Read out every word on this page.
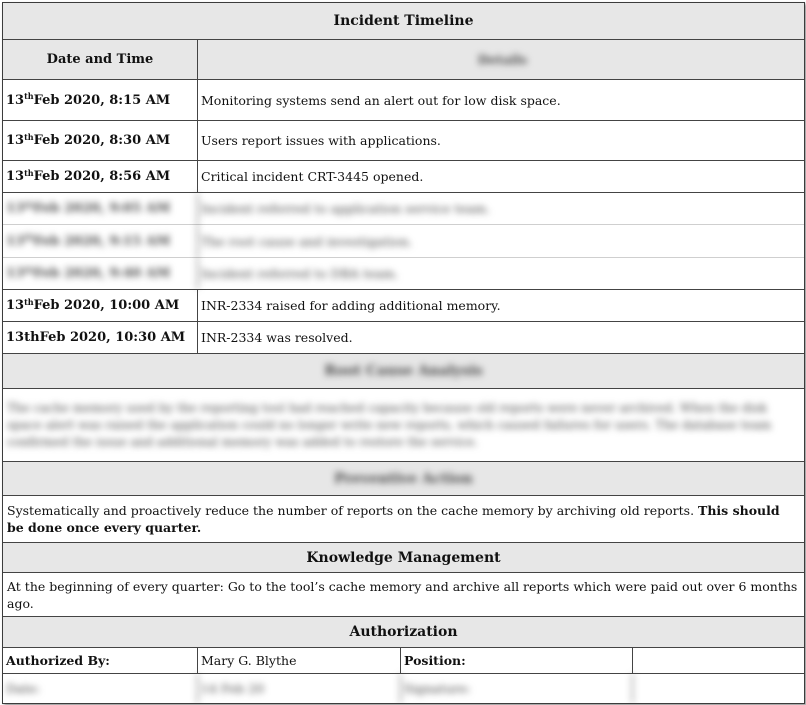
Incident Timeline
Date and Time	Details
13th Feb 2020, 8:15 AM Monitoring systems send an alert out for low disk space.
13th Feb 2020, 8:30 AM Users report issues with applications.
13th Feb 2020, 8:56 AM Critical incident CRT-3445 opened.
13th Feb 2020, 9:05 AM Incident referred to application service team.
13th Feb 2020, 9:15 AM The root cause and investigation.
13th Feb 2020, 9:40 AM Incident referred to DBA team.
13th Feb 2020, 10:00 AM INR-2334 raised for adding additional memory.
13th Feb 2020, 10:30 AM INR-2334 was resolved.
Root Cause Analysis
The cache memory used by the reporting tool had reached capacity because old reports were never archived. When the disk space alert was raised the application could no longer write new reports, which caused failures for users. The database team confirmed the issue and additional memory was added to restore the service.
Preventive Action
Systematically and proactively reduce the number of reports on the cache memory by archiving old reports. This should be done once every quarter.
Knowledge Management
At the beginning of every quarter: Go to the tool’s cache memory and archive all reports which were paid out over 6 months ago.
Authorization
Authorized By:	Mary G. Blythe	Position:
Date:	14 Feb 20	Signature:
